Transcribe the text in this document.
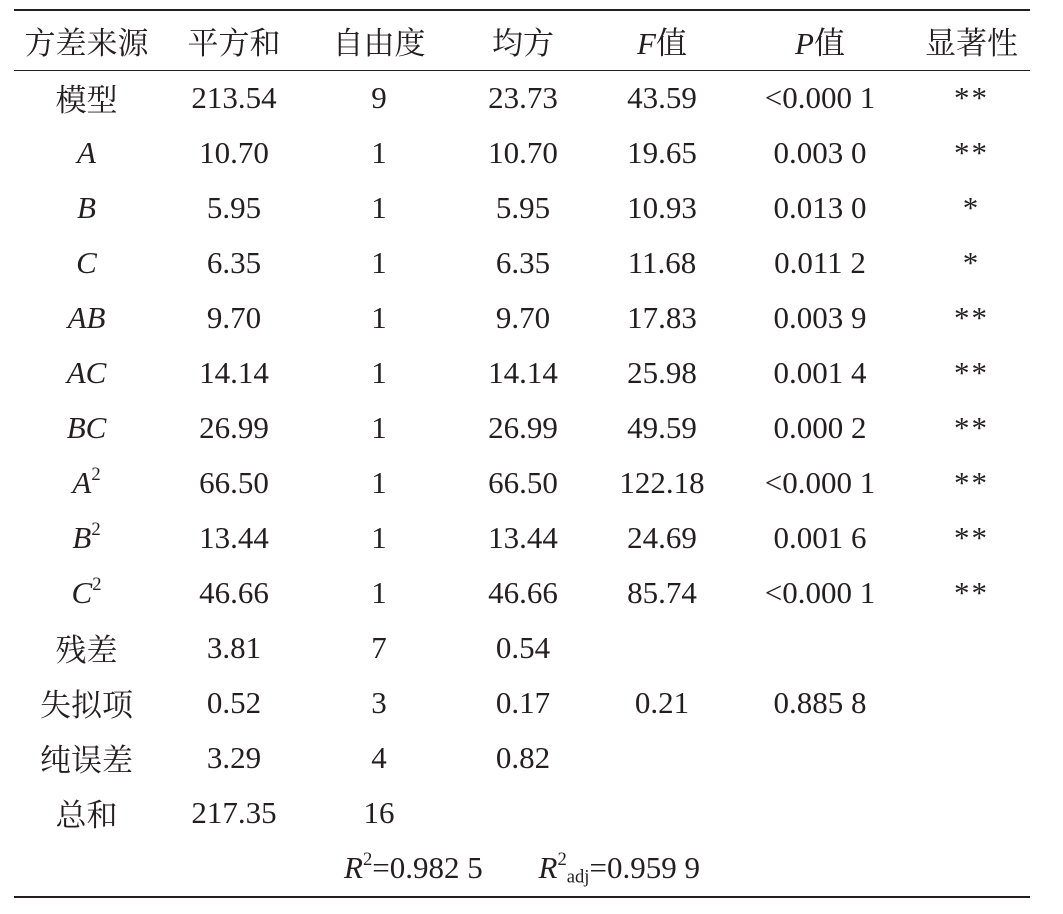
方差来源	平方和	自由度	均方	F值	P值	显著性
模型	213.54	9	23.73	43.59	<0.000 1	**
A	10.70	1	10.70	19.65	0.003 0	**
B	5.95	1	5.95	10.93	0.013 0	*
C	6.35	1	6.35	11.68	0.011 2	*
AB	9.70	1	9.70	17.83	0.003 9	**
AC	14.14	1	14.14	25.98	0.001 4	**
BC	26.99	1	26.99	49.59	0.000 2	**
$A^2$	66.50	1	66.50	122.18	<0.000 1	**
$B^2$	13.44	1	13.44	24.69	0.001 6	**
$C^2$	46.66	1	46.66	85.74	<0.000 1	**
残差	3.81	7	0.54			
失拟项	0.52	3	0.17	0.21	0.885 8	
纯误差	3.29	4	0.82			
总和	217.35	16				
$R^2=0.982$ 5 $R^2_{adj}=0.959$ 9						
